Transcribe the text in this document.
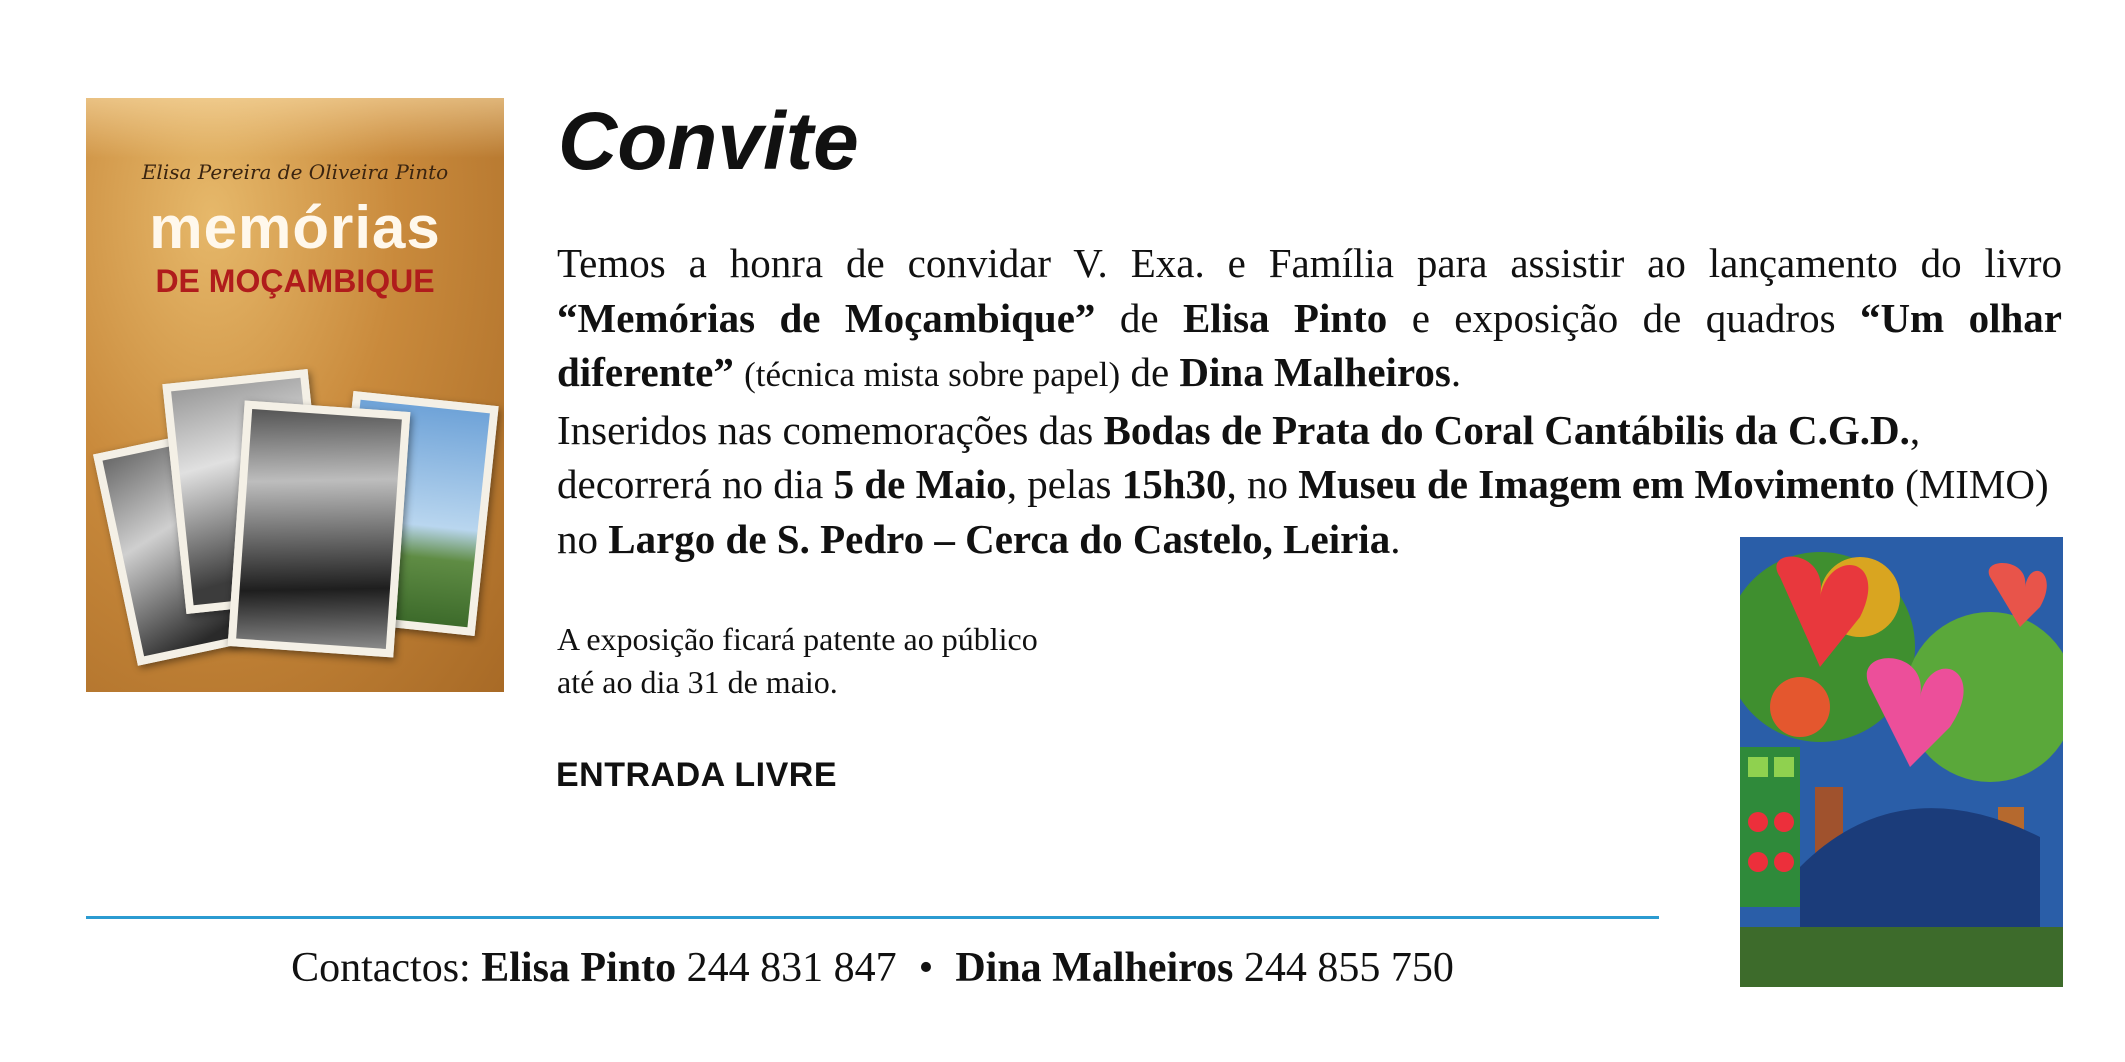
Elisa Pereira de Oliveira Pinto
memórias
DE MOÇAMBIQUE
Convite

Temos a honra de convidar V. Exa. e Família para assistir ao lançamento do livro “Memórias de Moçambique” de Elisa Pinto e exposição de quadros “Um olhar diferente” (técnica mista sobre papel) de Dina Malheiros.

Inseridos nas comemorações das Bodas de Prata do Coral Cantábilis da C.G.D., decorrerá no dia 5 de Maio, pelas 15h30, no Museu de Imagem em Movimento (MIMO) no Largo de S. Pedro – Cerca do Castelo, Leiria.

A exposição ficará patente ao público
até ao dia 31 de maio.
ENTRADA LIVRE
Contactos: Elisa Pinto 244 831 847 • Dina Malheiros 244 855 750
